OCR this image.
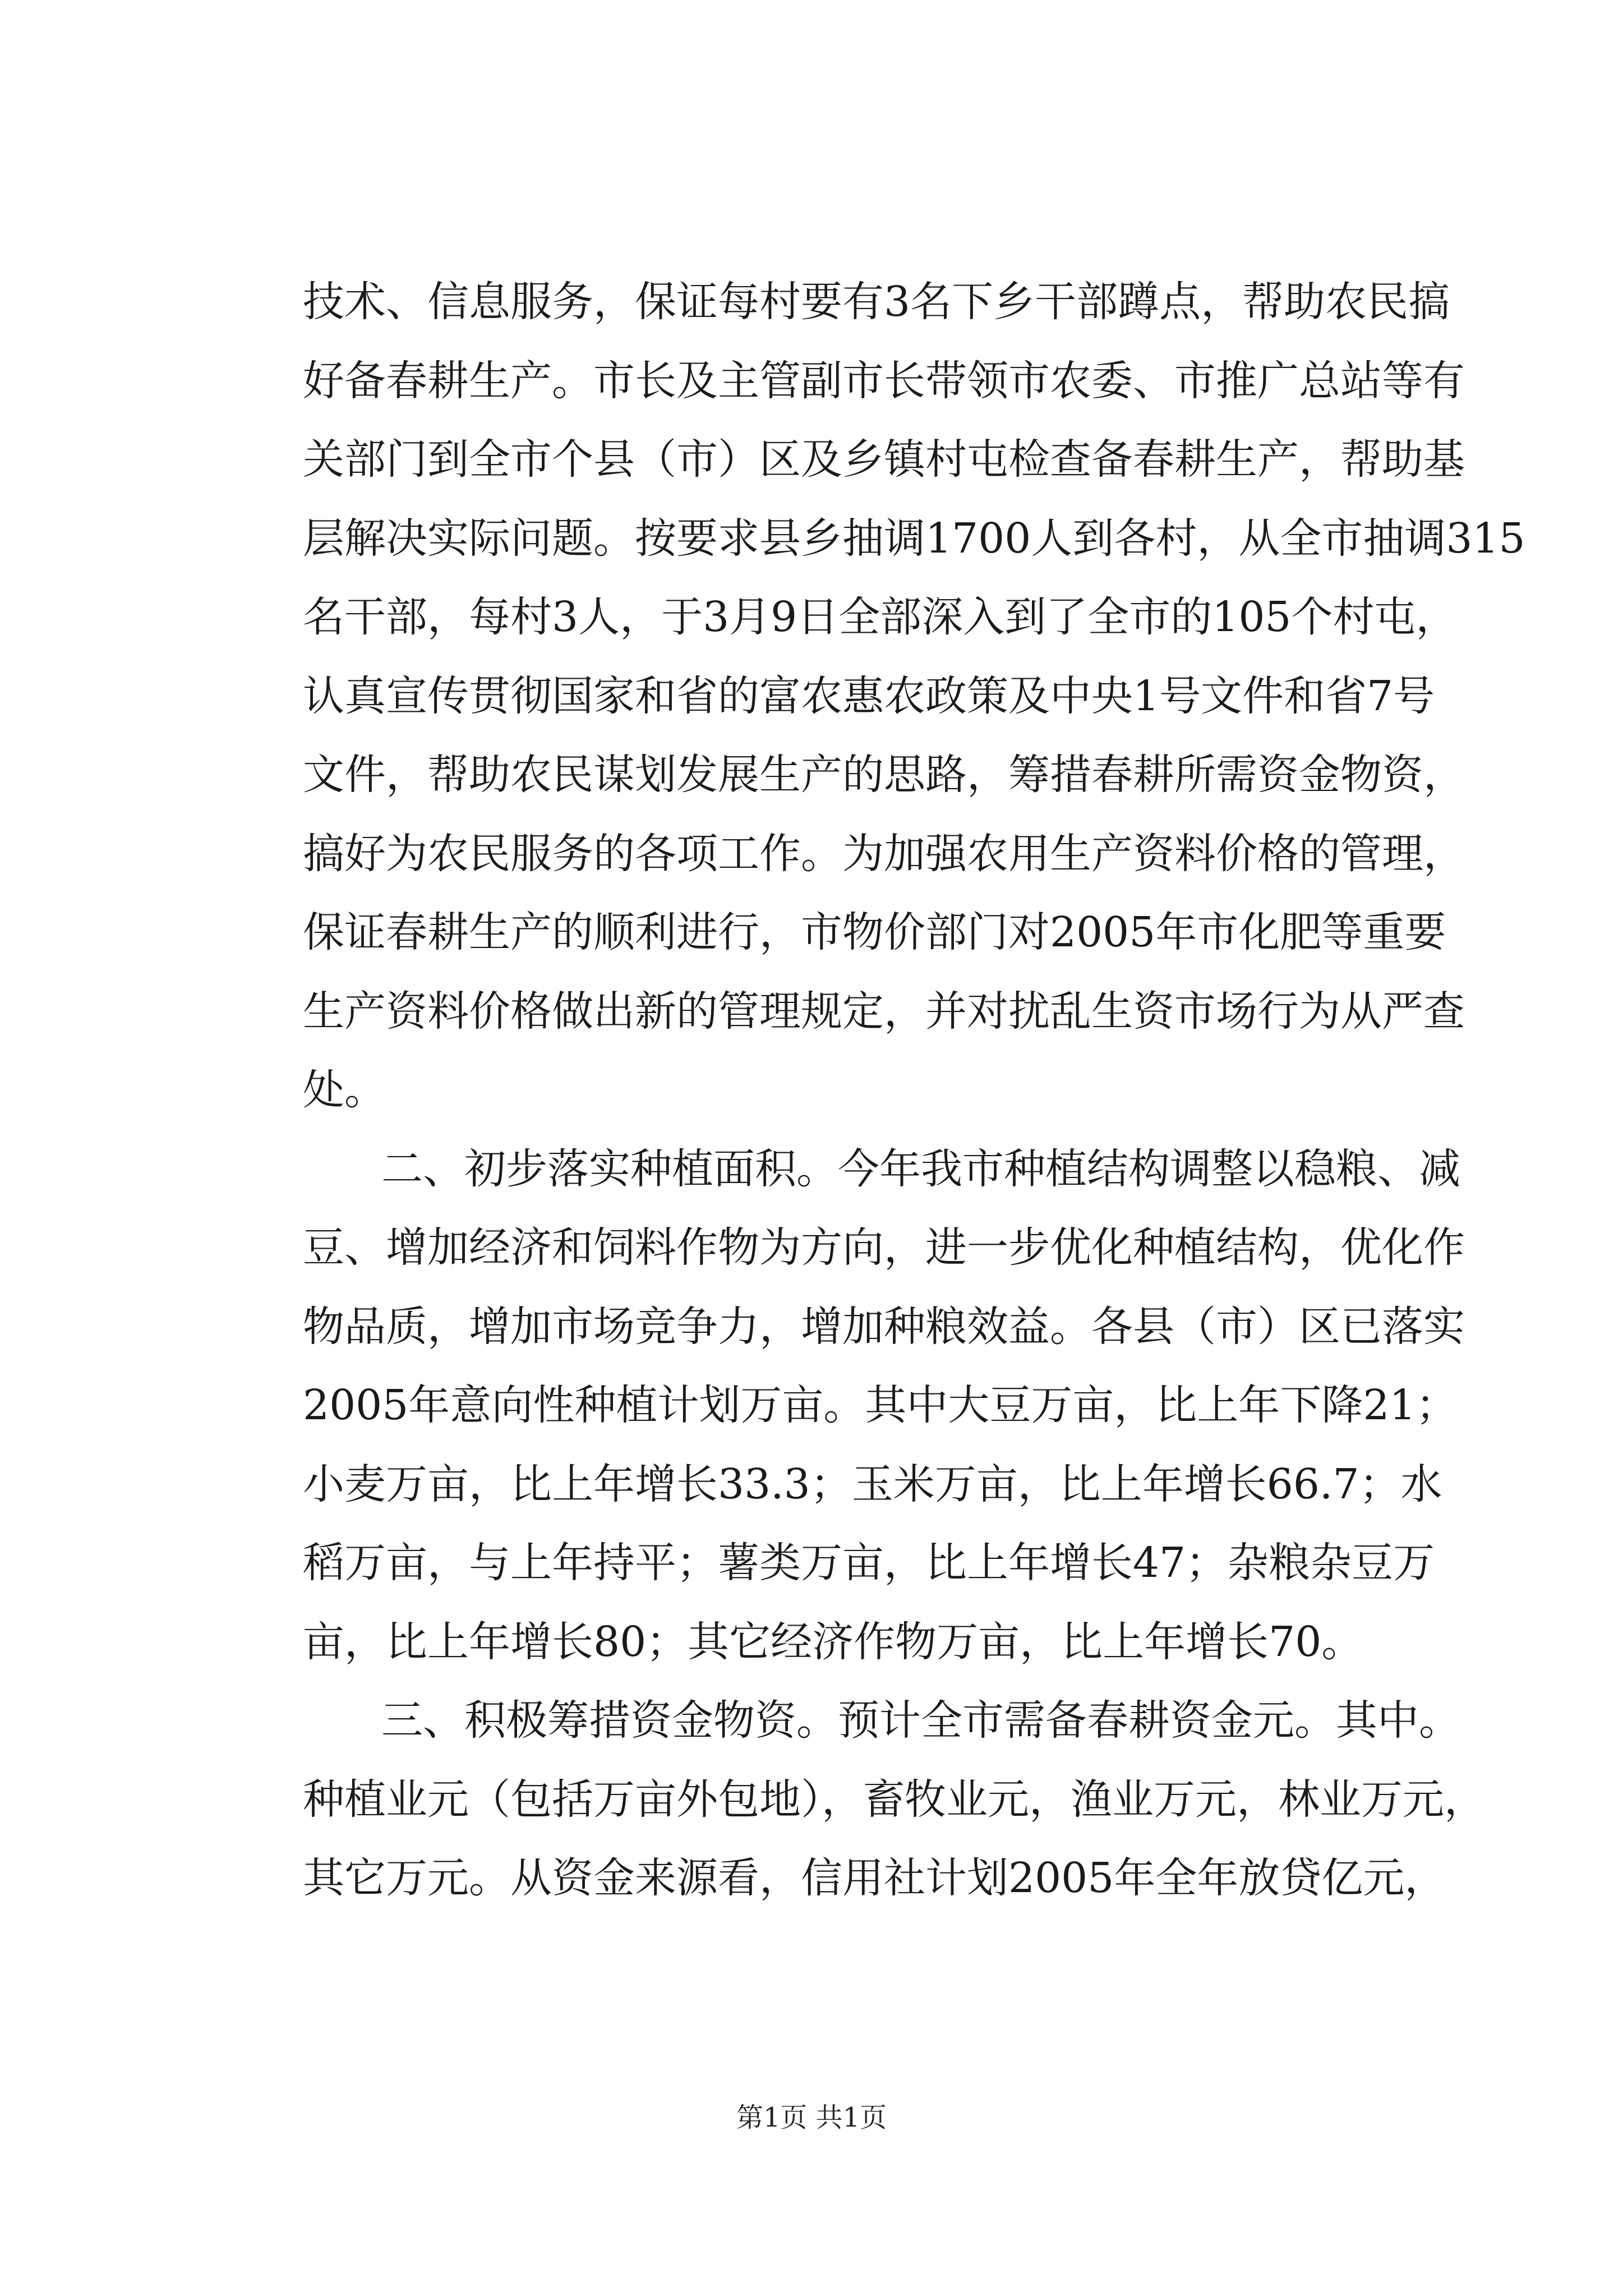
技术、信息服务，保证每村要有3名下乡干部蹲点，帮助农民搞
好备春耕生产。市长及主管副市长带领市农委、市推广总站等有
关部门到全市个县（市）区及乡镇村屯检查备春耕生产，帮助基
层解决实际问题。按要求县乡抽调1700人到各村，从全市抽调315
名干部，每村3人，于3月9日全部深入到了全市的105个村屯，
认真宣传贯彻国家和省的富农惠农政策及中央1号文件和省7号
文件，帮助农民谋划发展生产的思路，筹措春耕所需资金物资，
搞好为农民服务的各项工作。为加强农用生产资料价格的管理，
保证春耕生产的顺利进行，市物价部门对2005年市化肥等重要
生产资料价格做出新的管理规定，并对扰乱生资市场行为从严查
处。
二、初步落实种植面积。今年我市种植结构调整以稳粮、减
豆、增加经济和饲料作物为方向，进一步优化种植结构，优化作
物品质，增加市场竞争力，增加种粮效益。各县（市）区已落实
2005年意向性种植计划万亩。其中大豆万亩，比上年下降21；
小麦万亩，比上年增长33.3；玉米万亩，比上年增长66.7；水
稻万亩，与上年持平；薯类万亩，比上年增长47；杂粮杂豆万
亩，比上年增长80；其它经济作物万亩，比上年增长70。
三、积极筹措资金物资。预计全市需备春耕资金元。其中。
种植业元（包括万亩外包地），畜牧业元，渔业万元，林业万元，
其它万元。从资金来源看，信用社计划2005年全年放贷亿元，
第1页 共1页
